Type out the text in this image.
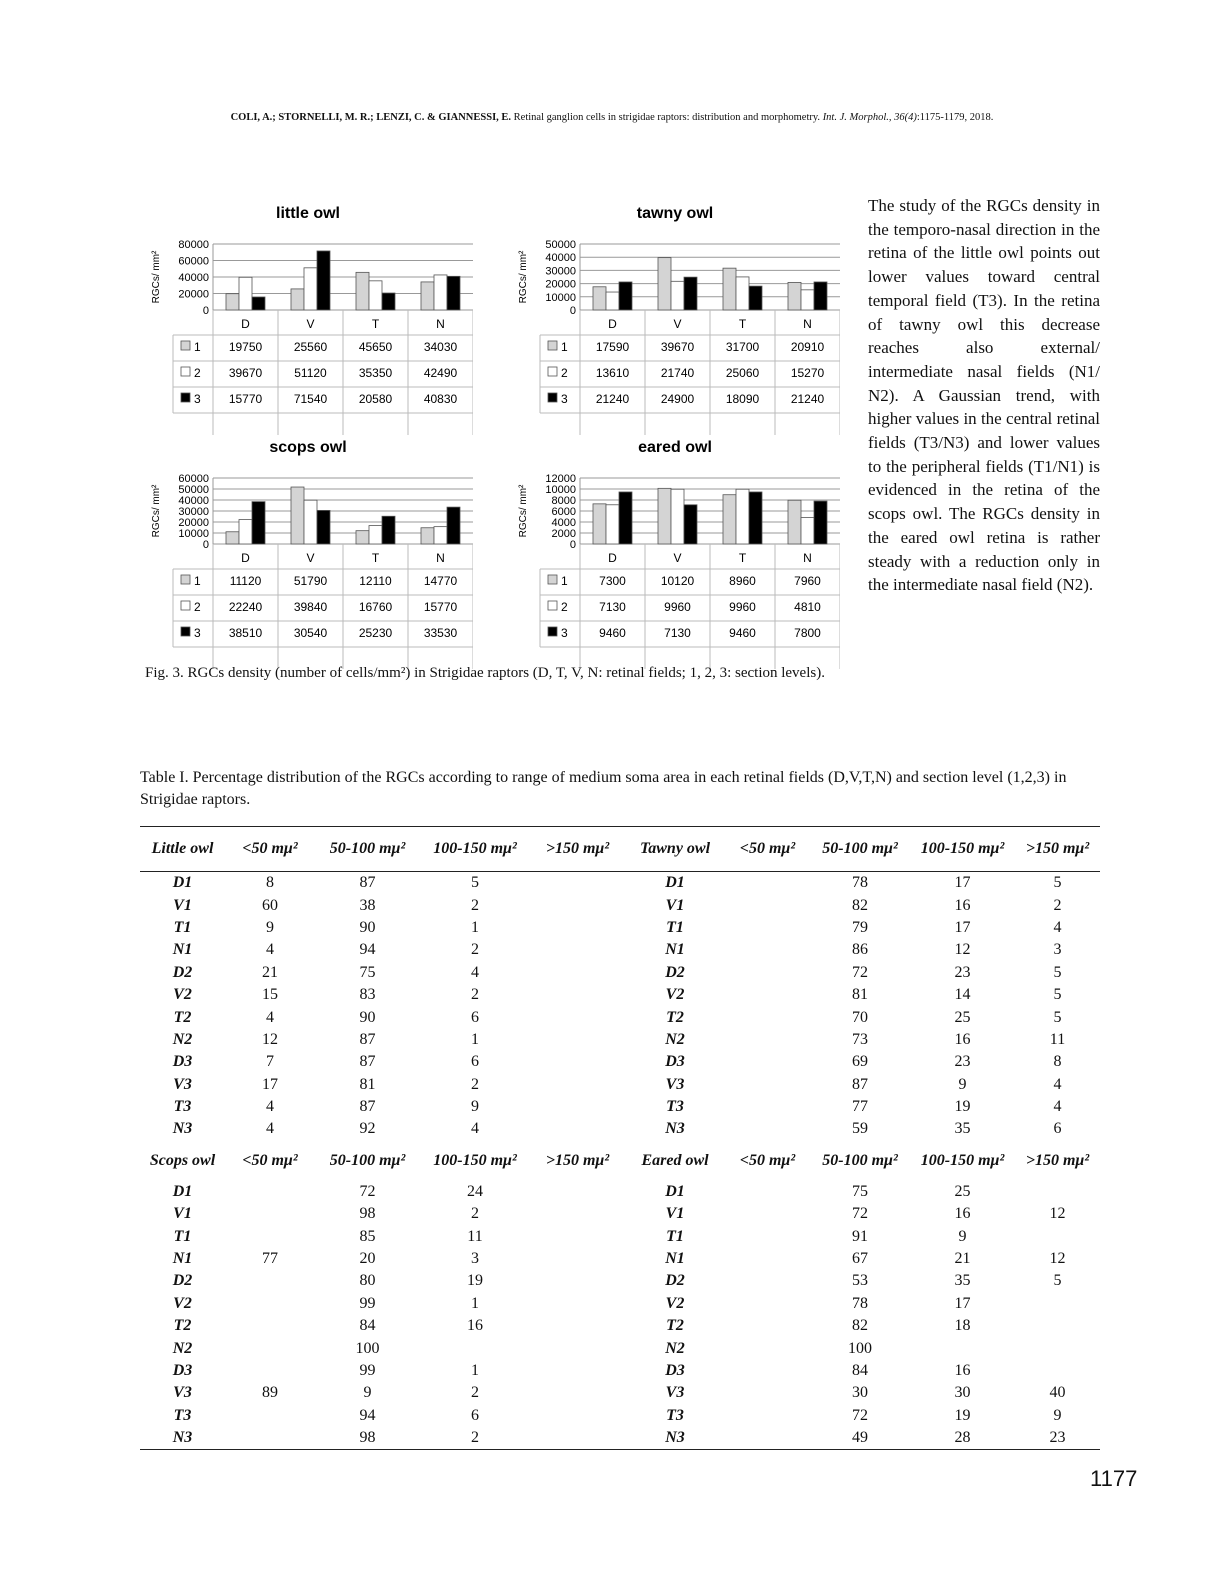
COLI, A.; STORNELLI, M. R.; LENZI, C. & GIANNESSI, E. Retinal ganglion cells in strigidae raptors: distribution and morphometry. Int. J. Morphol., 36(4):1175-1179, 2018.
little owl
RGCs/ mm²
80000
60000
40000
20000
0
D	V	T	N
1 19750	25560	45650	34030
2 39670	51120	35350	42490
3 15770	71540	20580	40830
tawny owl
RGCs/ mm²
50000
40000
30000
20000
10000
0
D	V	T	N
1 17590	39670	31700	20910
2 13610	21740	25060	15270
3 21240	24900	18090	21240
scops owl
RGCs/ mm²
60000
50000
40000
30000
20000
10000
0
D	V	T	N
1 11120	51790	12110	14770
2 22240	39840	16760	15770
3 38510	30540	25230	33530
eared owl
RGCs/ mm²
12000
10000
8000
6000
4000
2000
0
D	V	T	N
1	7300	10120	8960	7960
2	7130	9960	9960	4810
3	9460	7130	9460	7800
Fig. 3. RGCs density (number of cells/mm²) in Strigidae raptors (D, T, V, N: retinal fields; 1, 2, 3: section levels).
The study of the RGCs density in the temporo-nasal direction in the retina of the little owl points out lower values toward central temporal field (T3). In the retina of tawny owl this decrease reaches also external/ intermediate nasal fields (N1/ N2). A Gaussian trend, with higher values in the central retinal fields (T3/N3) and lower values to the peripheral fields (T1/N1) is evidenced in the retina of the scops owl. The RGCs density in the eared owl retina is rather steady with a reduction only in the intermediate nasal field (N2).
Table I. Percentage distribution of the RGCs according to range of medium soma area in each retinal fields (D,V,T,N) and section level (1,2,3) in Strigidae raptors.
Little owl	<50 mμ²	50-100 mμ²	100-150 mμ²	>150 mμ²	Tawny owl	<50 mμ²	50-100 mμ²	100-150 mμ²	>150 mμ²
D1	8	87	5		D1		78	17	5
V1	60	38	2		V1		82	16	2
T1	9	90	1		T1		79	17	4
N1	4	94	2		N1		86	12	3
D2	21	75	4		D2		72	23	5
V2	15	83	2		V2		81	14	5
T2	4	90	6		T2		70	25	5
N2	12	87	1		N2		73	16	11
D3	7	87	6		D3		69	23	8
V3	17	81	2		V3		87	9	4
T3	4	87	9		T3		77	19	4
N3	4	92	4		N3		59	35	6
Scops owl	<50 mμ²	50-100 mμ²	100-150 mμ²	>150 mμ²	Eared owl	<50 mμ²	50-100 mμ²	100-150 mμ²	>150 mμ²
D1		72	24		D1		75	25	
V1		98	2		V1		72	16	12
T1		85	11		T1		91	9	
N1	77	20	3		N1		67	21	12
D2		80	19		D2		53	35	5
V2		99	1		V2		78	17	
T2		84	16		T2		82	18	
N2		100			N2		100		
D3		99	1		D3		84	16	
V3	89	9	2		V3		30	30	40
T3		94	6		T3		72	19	9
N3		98	2		N3		49	28	23
1177
